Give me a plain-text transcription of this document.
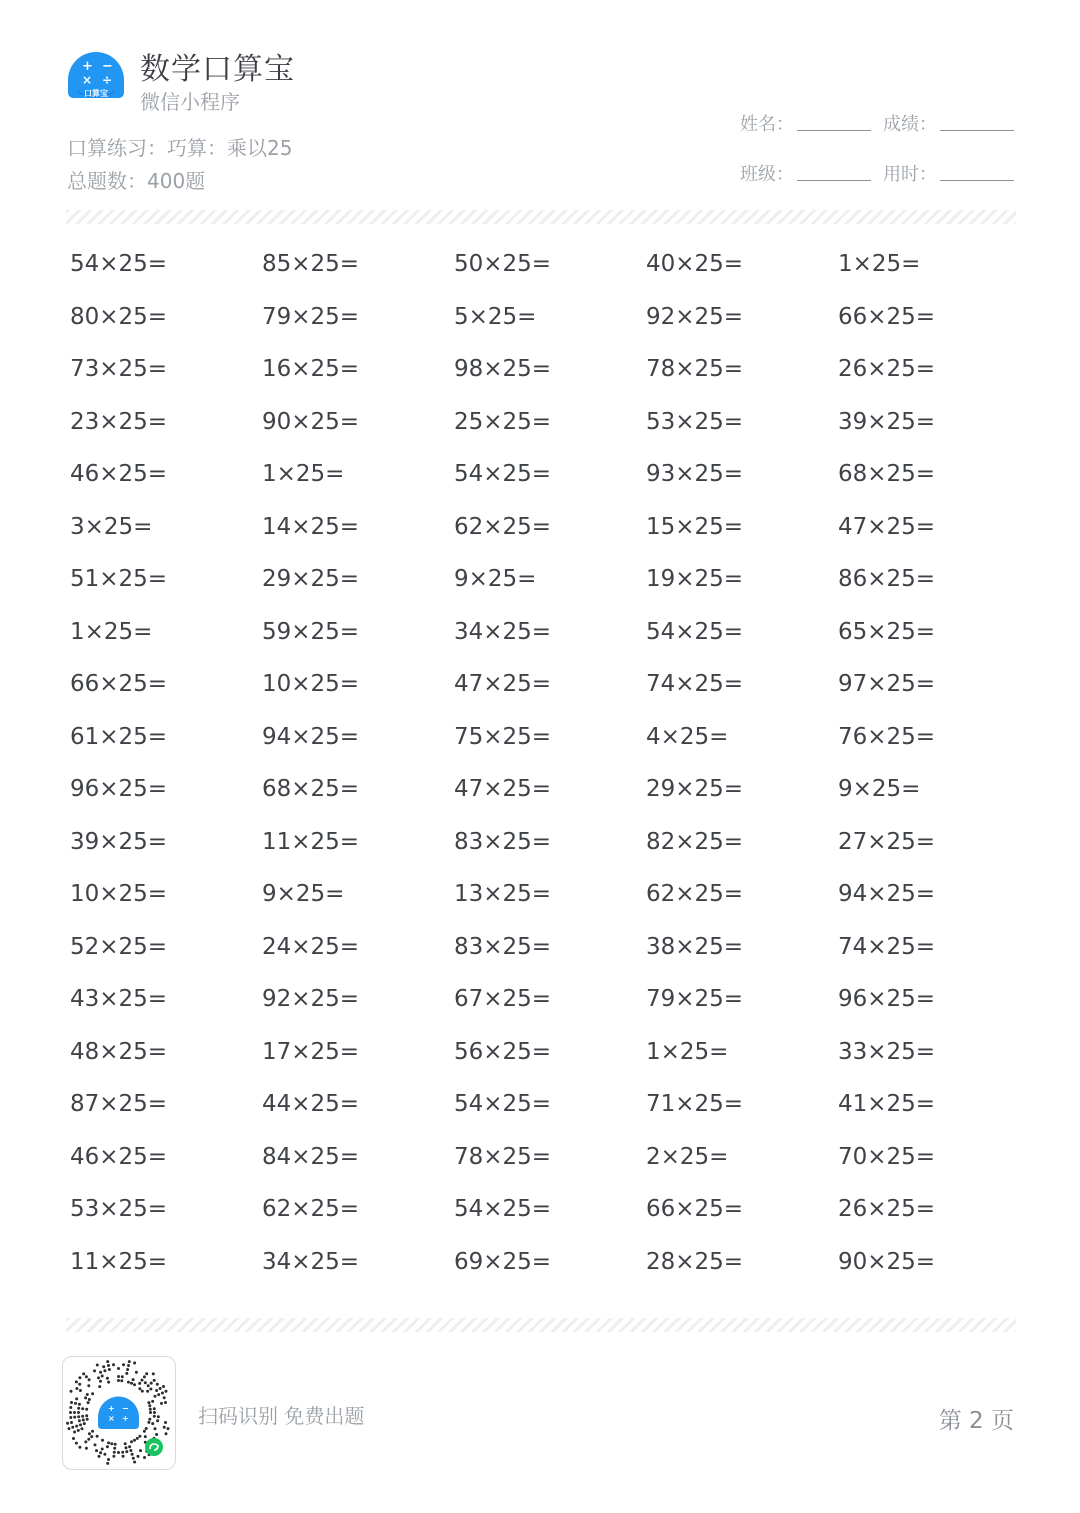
+ −
× ÷
口算宝
数学口算宝
微信小程序
口算练习：巧算：乘以25
总题数：400题
姓名：	成绩：
班级：	用时：
54×25=	85×25=	50×25=	40×25=	1×25=
80×25=	79×25=	5×25=	92×25=	66×25=
73×25=	16×25=	98×25=	78×25=	26×25=
23×25=	90×25=	25×25=	53×25=	39×25=
46×25=	1×25=	54×25=	93×25=	68×25=
3×25=	14×25=	62×25=	15×25=	47×25=
51×25=	29×25=	9×25=	19×25=	86×25=
1×25=	59×25=	34×25=	54×25=	65×25=
66×25=	10×25=	47×25=	74×25=	97×25=
61×25=	94×25=	75×25=	4×25=	76×25=
96×25=	68×25=	47×25=	29×25=	9×25=
39×25=	11×25=	83×25=	82×25=	27×25=
10×25=	9×25=	13×25=	62×25=	94×25=
52×25=	24×25=	83×25=	38×25=	74×25=
43×25=	92×25=	67×25=	79×25=	96×25=
48×25=	17×25=	56×25=	1×25=	33×25=
87×25=	44×25=	54×25=	71×25=	41×25=
46×25=	84×25=	78×25=	2×25=	70×25=
53×25=	62×25=	54×25=	66×25=	26×25=
11×25=	34×25=	69×25=	28×25=	90×25=
+ −
× +	扫码识别 免费出题	第 2 页
